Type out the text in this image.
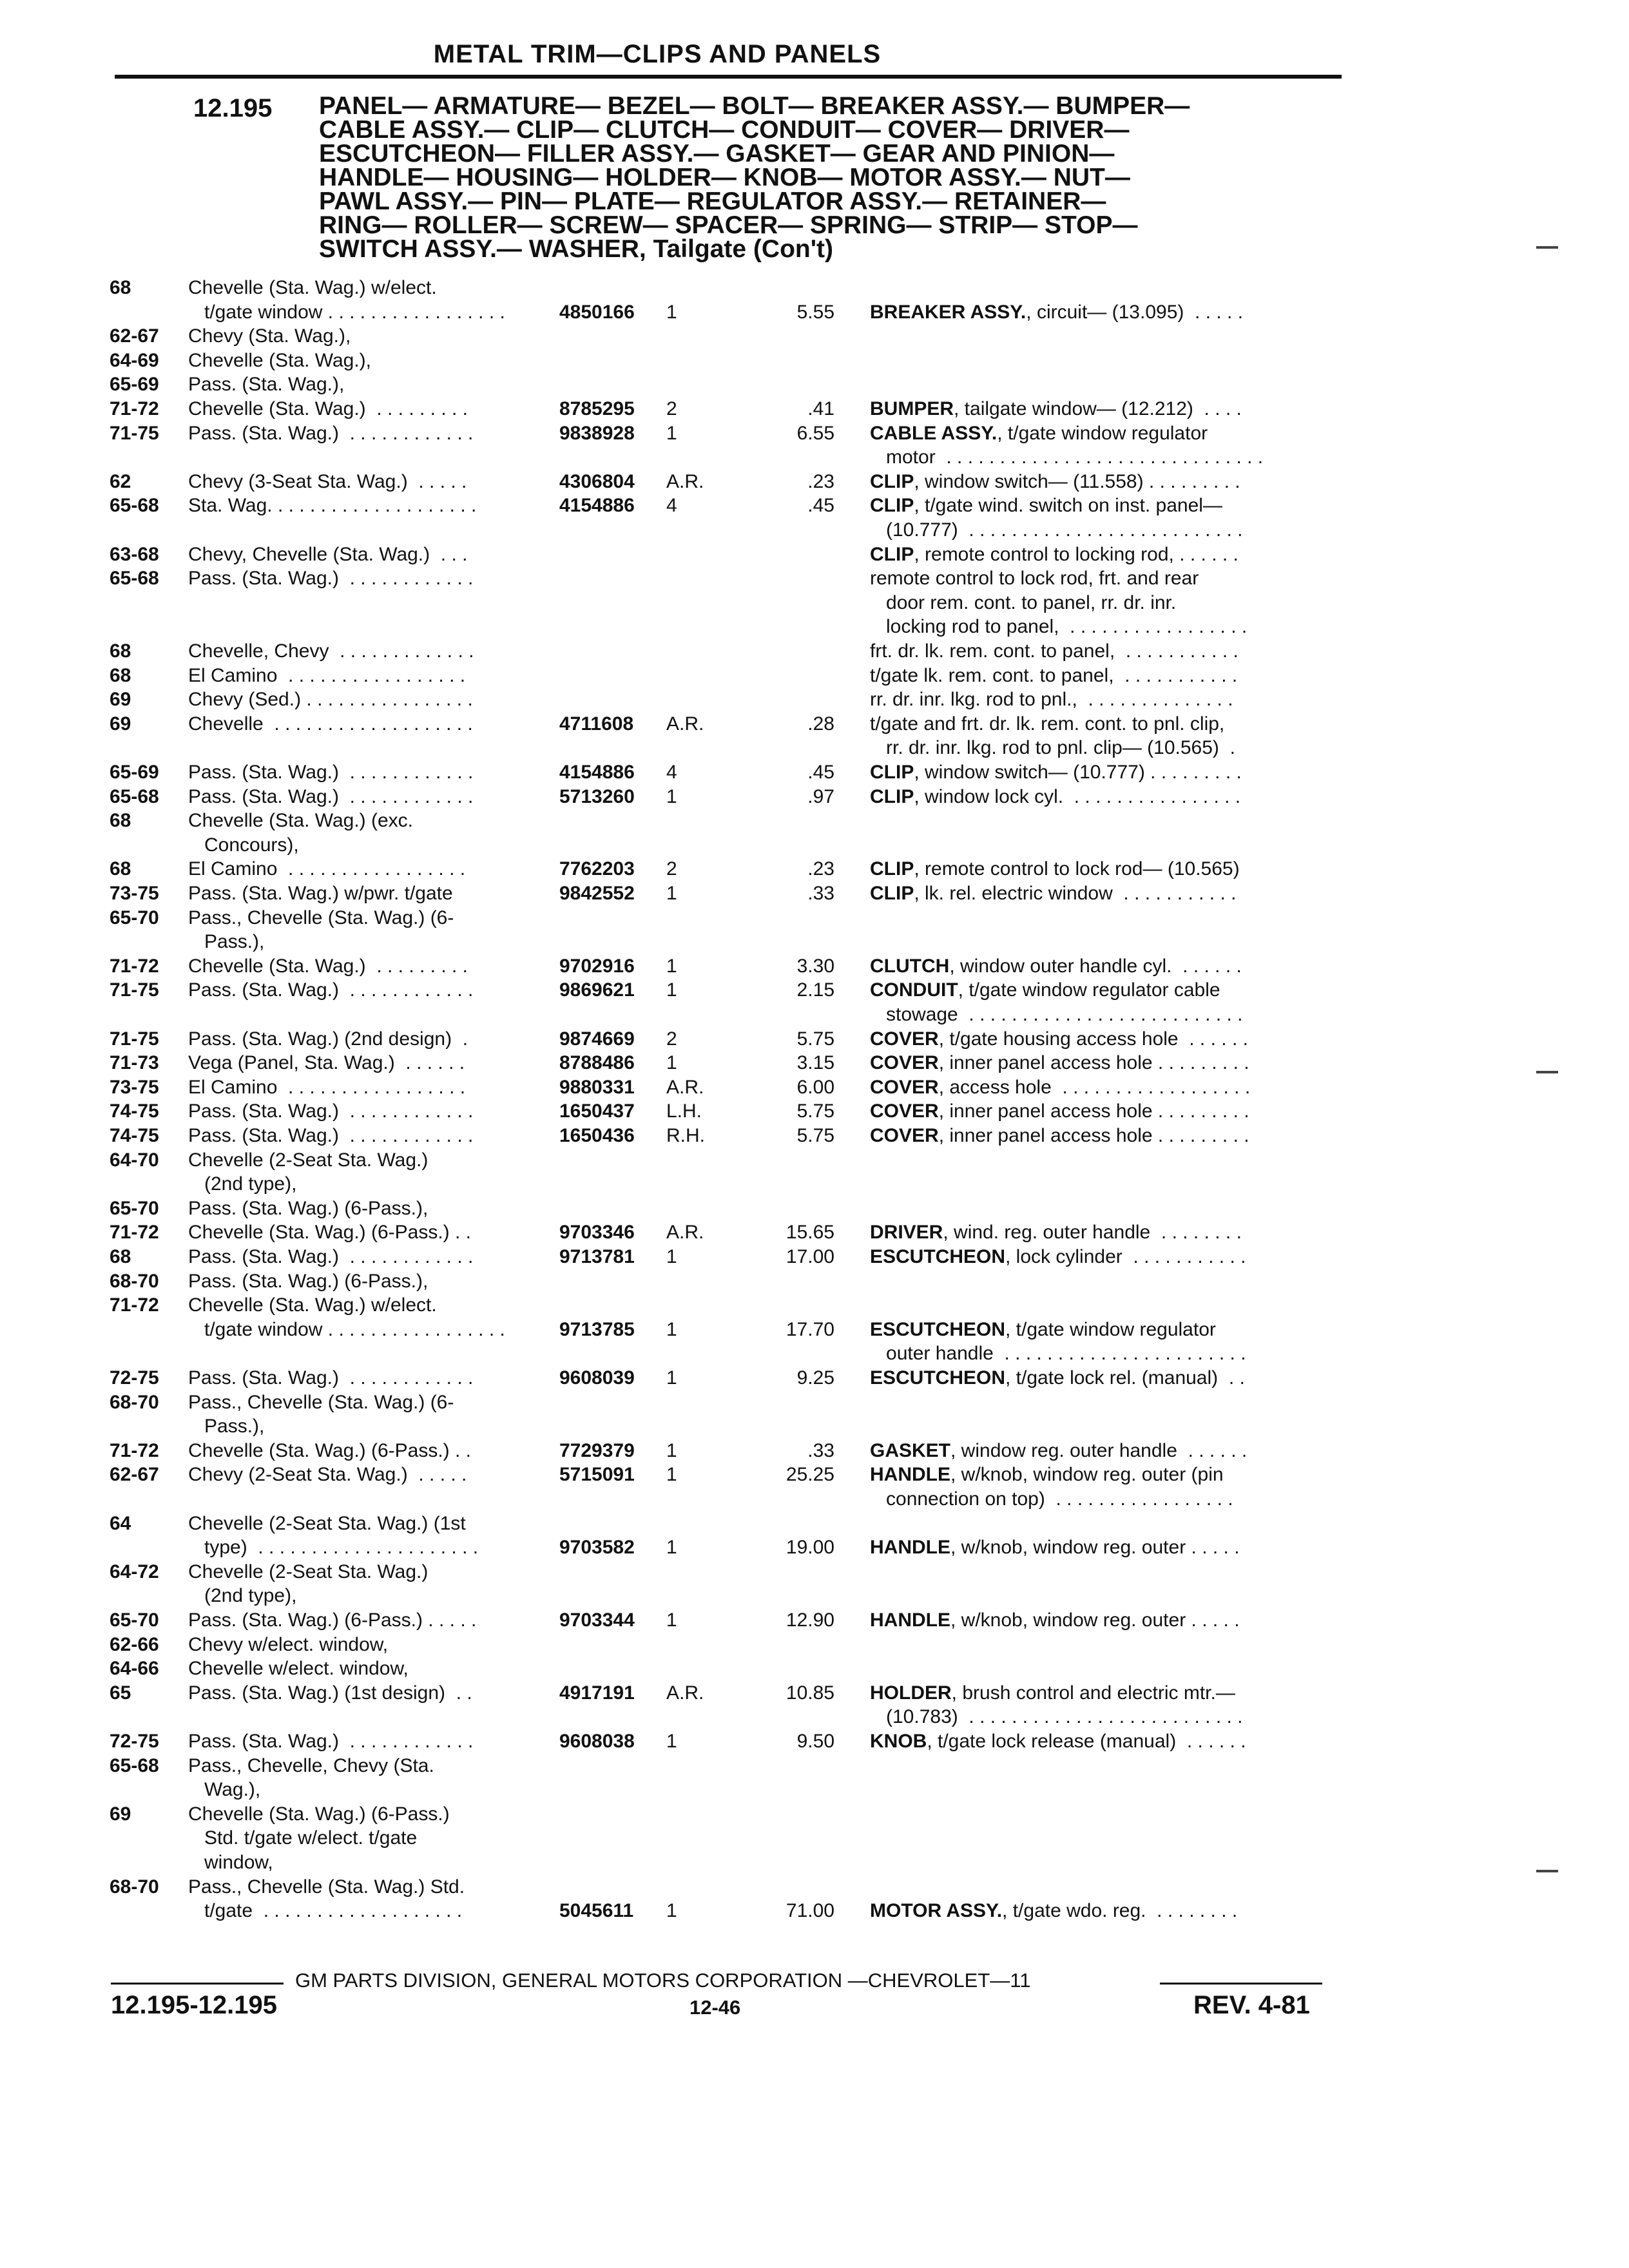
METAL TRIM—CLIPS AND PANELS
12.195 PANEL— ARMATURE— BEZEL— BOLT— BREAKER ASSY.— BUMPER—
CABLE ASSY.— CLIP— CLUTCH— CONDUIT— COVER— DRIVER—
ESCUTCHEON— FILLER ASSY.— GASKET— GEAR AND PINION—
HANDLE— HOUSING— HOLDER— KNOB— MOTOR ASSY.— NUT—
PAWL ASSY.— PIN— PLATE— REGULATOR ASSY.— RETAINER—
RING— ROLLER— SCREW— SPACER— SPRING— STRIP— STOP—
SWITCH ASSY.— WASHER, Tailgate (Con't)
68	Chevelle (Sta. Wag.) w/elect.
t/gate window . . . . . . . . . . . . . . . . .	4850166 1	5.55 BREAKER ASSY., circuit— (13.095)  . . . . .
62-67 Chevy (Sta. Wag.),
64-69 Chevelle (Sta. Wag.),
65-69 Pass. (Sta. Wag.),
71-72 Chevelle (Sta. Wag.)  . . . . . . . . .	8785295 2	.41 BUMPER, tailgate window— (12.212)  . . . .
71-75 Pass. (Sta. Wag.)  . . . . . . . . . . . .	9838928 1	6.55 CABLE ASSY., t/gate window regulator
motor  . . . . . . . . . . . . . . . . . . . . . . . . . . . . . .
62	Chevy (3-Seat Sta. Wag.)  . . . . .	4306804 A.R.	.23 CLIP, window switch— (11.558) . . . . . . . . .
65-68 Sta. Wag. . . . . . . . . . . . . . . . . . . .	4154886 4	.45 CLIP, t/gate wind. switch on inst. panel—
(10.777)  . . . . . . . . . . . . . . . . . . . . . . . . . .
63-68 Chevy, Chevelle (Sta. Wag.)  . . .	CLIP, remote control to locking rod, . . . . . .
65-68 Pass. (Sta. Wag.)  . . . . . . . . . . . .	remote control to lock rod, frt. and rear
door rem. cont. to panel, rr. dr. inr.
locking rod to panel,  . . . . . . . . . . . . . . . . .
68	Chevelle, Chevy  . . . . . . . . . . . . .	frt. dr. lk. rem. cont. to panel,  . . . . . . . . . . .
68	El Camino  . . . . . . . . . . . . . . . . .	t/gate lk. rem. cont. to panel,  . . . . . . . . . . .
69	Chevy (Sed.) . . . . . . . . . . . . . . . .	rr. dr. inr. lkg. rod to pnl.,  . . . . . . . . . . . . . .
69	Chevelle  . . . . . . . . . . . . . . . . . . .	4711608 A.R.	.28 t/gate and frt. dr. lk. rem. cont. to pnl. clip,
rr. dr. inr. lkg. rod to pnl. clip— (10.565)  .
65-69 Pass. (Sta. Wag.)  . . . . . . . . . . . .	4154886 4	.45 CLIP, window switch— (10.777) . . . . . . . . .
65-68 Pass. (Sta. Wag.)  . . . . . . . . . . . .	5713260 1	.97 CLIP, window lock cyl.  . . . . . . . . . . . . . . . .
68	Chevelle (Sta. Wag.) (exc.
Concours),
68	El Camino  . . . . . . . . . . . . . . . . .	7762203 2	.23 CLIP, remote control to lock rod— (10.565)
73-75 Pass. (Sta. Wag.) w/pwr. t/gate	9842552 1	.33 CLIP, lk. rel. electric window  . . . . . . . . . . .
65-70 Pass., Chevelle (Sta. Wag.) (6-
Pass.),
71-72 Chevelle (Sta. Wag.)  . . . . . . . . .	9702916 1	3.30 CLUTCH, window outer handle cyl.  . . . . . .
71-75 Pass. (Sta. Wag.)  . . . . . . . . . . . .	9869621 1	2.15 CONDUIT, t/gate window regulator cable
stowage  . . . . . . . . . . . . . . . . . . . . . . . . . .
71-75 Pass. (Sta. Wag.) (2nd design)  .	9874669 2	5.75 COVER, t/gate housing access hole  . . . . . .
71-73 Vega (Panel, Sta. Wag.)  . . . . . .	8788486 1	3.15 COVER, inner panel access hole . . . . . . . . .
73-75 El Camino  . . . . . . . . . . . . . . . . .	9880331 A.R.	6.00 COVER, access hole  . . . . . . . . . . . . . . . . . .
74-75 Pass. (Sta. Wag.)  . . . . . . . . . . . .	1650437 L.H.	5.75 COVER, inner panel access hole . . . . . . . . .
74-75 Pass. (Sta. Wag.)  . . . . . . . . . . . .	1650436 R.H.	5.75 COVER, inner panel access hole . . . . . . . . .
64-70 Chevelle (2-Seat Sta. Wag.)
(2nd type),
65-70 Pass. (Sta. Wag.) (6-Pass.),
71-72 Chevelle (Sta. Wag.) (6-Pass.) . .	9703346 A.R.	15.65 DRIVER, wind. reg. outer handle  . . . . . . . .
68	Pass. (Sta. Wag.)  . . . . . . . . . . . .	9713781 1	17.00 ESCUTCHEON, lock cylinder  . . . . . . . . . . .
68-70 Pass. (Sta. Wag.) (6-Pass.),
71-72 Chevelle (Sta. Wag.) w/elect.
t/gate window . . . . . . . . . . . . . . . . .	9713785 1	17.70 ESCUTCHEON, t/gate window regulator
outer handle  . . . . . . . . . . . . . . . . . . . . . . .
72-75 Pass. (Sta. Wag.)  . . . . . . . . . . . .	9608039 1	9.25 ESCUTCHEON, t/gate lock rel. (manual)  . .
68-70 Pass., Chevelle (Sta. Wag.) (6-
Pass.),
71-72 Chevelle (Sta. Wag.) (6-Pass.) . .	7729379 1	.33 GASKET, window reg. outer handle  . . . . . .
62-67 Chevy (2-Seat Sta. Wag.)  . . . . .	5715091 1	25.25 HANDLE, w/knob, window reg. outer (pin
connection on top)  . . . . . . . . . . . . . . . . .
64	Chevelle (2-Seat Sta. Wag.) (1st
type)  . . . . . . . . . . . . . . . . . . . . .	9703582 1	19.00 HANDLE, w/knob, window reg. outer . . . . .
64-72 Chevelle (2-Seat Sta. Wag.)
(2nd type),
65-70 Pass. (Sta. Wag.) (6-Pass.) . . . . .	9703344 1	12.90 HANDLE, w/knob, window reg. outer . . . . .
62-66 Chevy w/elect. window,
64-66 Chevelle w/elect. window,
65	Pass. (Sta. Wag.) (1st design)  . .	4917191 A.R.	10.85 HOLDER, brush control and electric mtr.—
(10.783)  . . . . . . . . . . . . . . . . . . . . . . . . . .
72-75 Pass. (Sta. Wag.)  . . . . . . . . . . . .	9608038 1	9.50 KNOB, t/gate lock release (manual)  . . . . . .
65-68 Pass., Chevelle, Chevy (Sta.
Wag.),
69	Chevelle (Sta. Wag.) (6-Pass.)
Std. t/gate w/elect. t/gate
window,
68-70 Pass., Chevelle (Sta. Wag.) Std.
t/gate  . . . . . . . . . . . . . . . . . . .	5045611 1	71.00 MOTOR ASSY., t/gate wdo. reg.  . . . . . . . .
GM PARTS DIVISION, GENERAL MOTORS CORPORATION —CHEVROLET—11
12.195-12.195	12-46	REV. 4-81
